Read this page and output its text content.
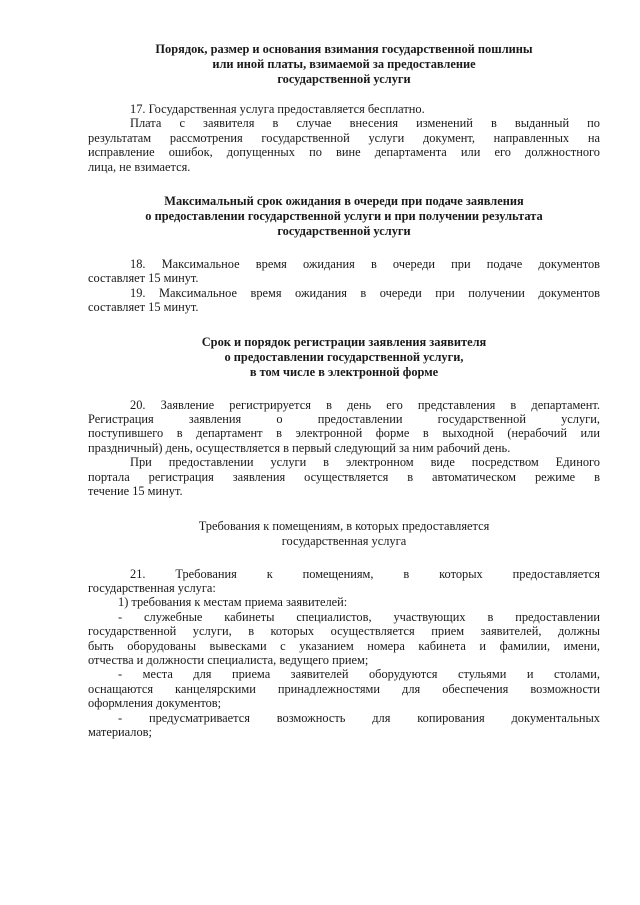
Порядок, размер и основания взимания государственной пошлины
или иной платы, взимаемой за предоставление
государственной услуги
17. Государственная услуга предоставляется бесплатно.
Плата с заявителя в случае внесения изменений в выданный по
результатам рассмотрения государственной услуги документ, направленных на
исправление ошибок, допущенных по вине департамента или его должностного
лица, не взимается.
Максимальный срок ожидания в очереди при подаче заявления
о предоставлении государственной услуги и при получении результата
государственной услуги
18. Максимальное время ожидания в очереди при подаче документов
составляет 15 минут.
19. Максимальное время ожидания в очереди при получении документов
составляет 15 минут.
Срок и порядок регистрации заявления заявителя
о предоставлении государственной услуги,
в том числе в электронной форме
20. Заявление регистрируется в день его представления в департамент.
Регистрация заявления о предоставлении государственной услуги,
поступившего в департамент в электронной форме в выходной (нерабочий или
праздничный) день, осуществляется в первый следующий за ним рабочий день.
При предоставлении услуги в электронном виде посредством Единого
портала регистрация заявления осуществляется в автоматическом режиме в
течение 15 минут.
Требования к помещениям, в которых предоставляется
государственная услуга
21. Требования к помещениям, в которых предоставляется
государственная услуга:
1) требования к местам приема заявителей:
- служебные кабинеты специалистов, участвующих в предоставлении
государственной услуги, в которых осуществляется прием заявителей, должны
быть оборудованы вывесками с указанием номера кабинета и фамилии, имени,
отчества и должности специалиста, ведущего прием;
- места для приема заявителей оборудуются стульями и столами,
оснащаются канцелярскими принадлежностями для обеспечения возможности
оформления документов;
- предусматривается возможность для копирования документальных
материалов;
